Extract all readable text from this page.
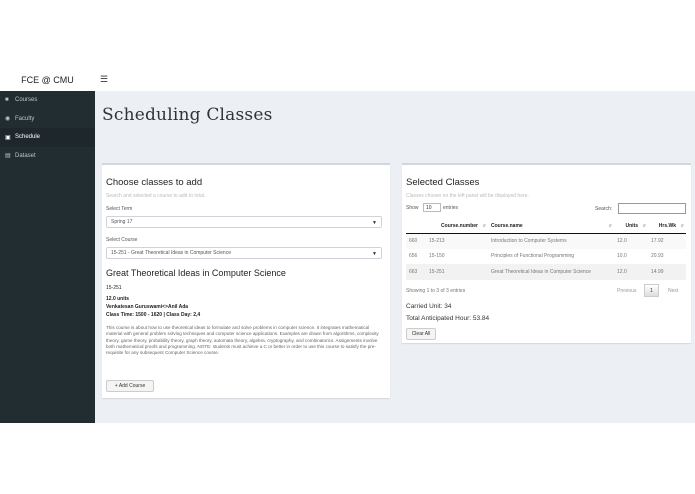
FCE @ CMU	☰
■	Courses
◉ Faculty
▣ Schedule
▤ Dataset
Scheduling Classes
Choose classes to add
Search and selected a course to add to total.
Select Term
Spring 17	▼
Select Course
15-251 - Great Theoretical Ideas in Computer Science	▼
Great Theoretical Ideas in Computer Science
15-251
12.0 units
Venkatesan Guruswami<>Anil Ada
Class Time: 1500 - 1620 | Class Day: 2,4
This course is about how to use theoretical ideas to formulate and solve problems in computer science. It integrates mathematical material with general problem solving techniques and computer science applications. Examples are drawn from algorithms, complexity theory, game theory, probability theory, graph theory, automata theory, algebra, cryptography, and combinatorics. Assignments involve both mathematical proofs and programming. NOTE: students must achieve a C or better in order to use this course to satisfy the pre-requisite for any subsequent Computer Science course.
+ Add Course
Selected Classes
Classes chosen on the left panel will be displayed here.
Show 10 entries	Search:
	Course.number ⇵	Course.name ⇵	Units ⇵	Hrs.Wk ⇵

660	15-213	Introduction to Computer Systems	12.0	17.92
656	15-150	Principles of Functional Programming	10.0	20.93
663	15-251	Great Theoretical Ideas in Computer Science	12.0	14.99
Showing 1 to 3 of 3 entries	Previous	1	Next
Carried Unit: 34
Total Anticipated Hour: 53.84
Clear All
